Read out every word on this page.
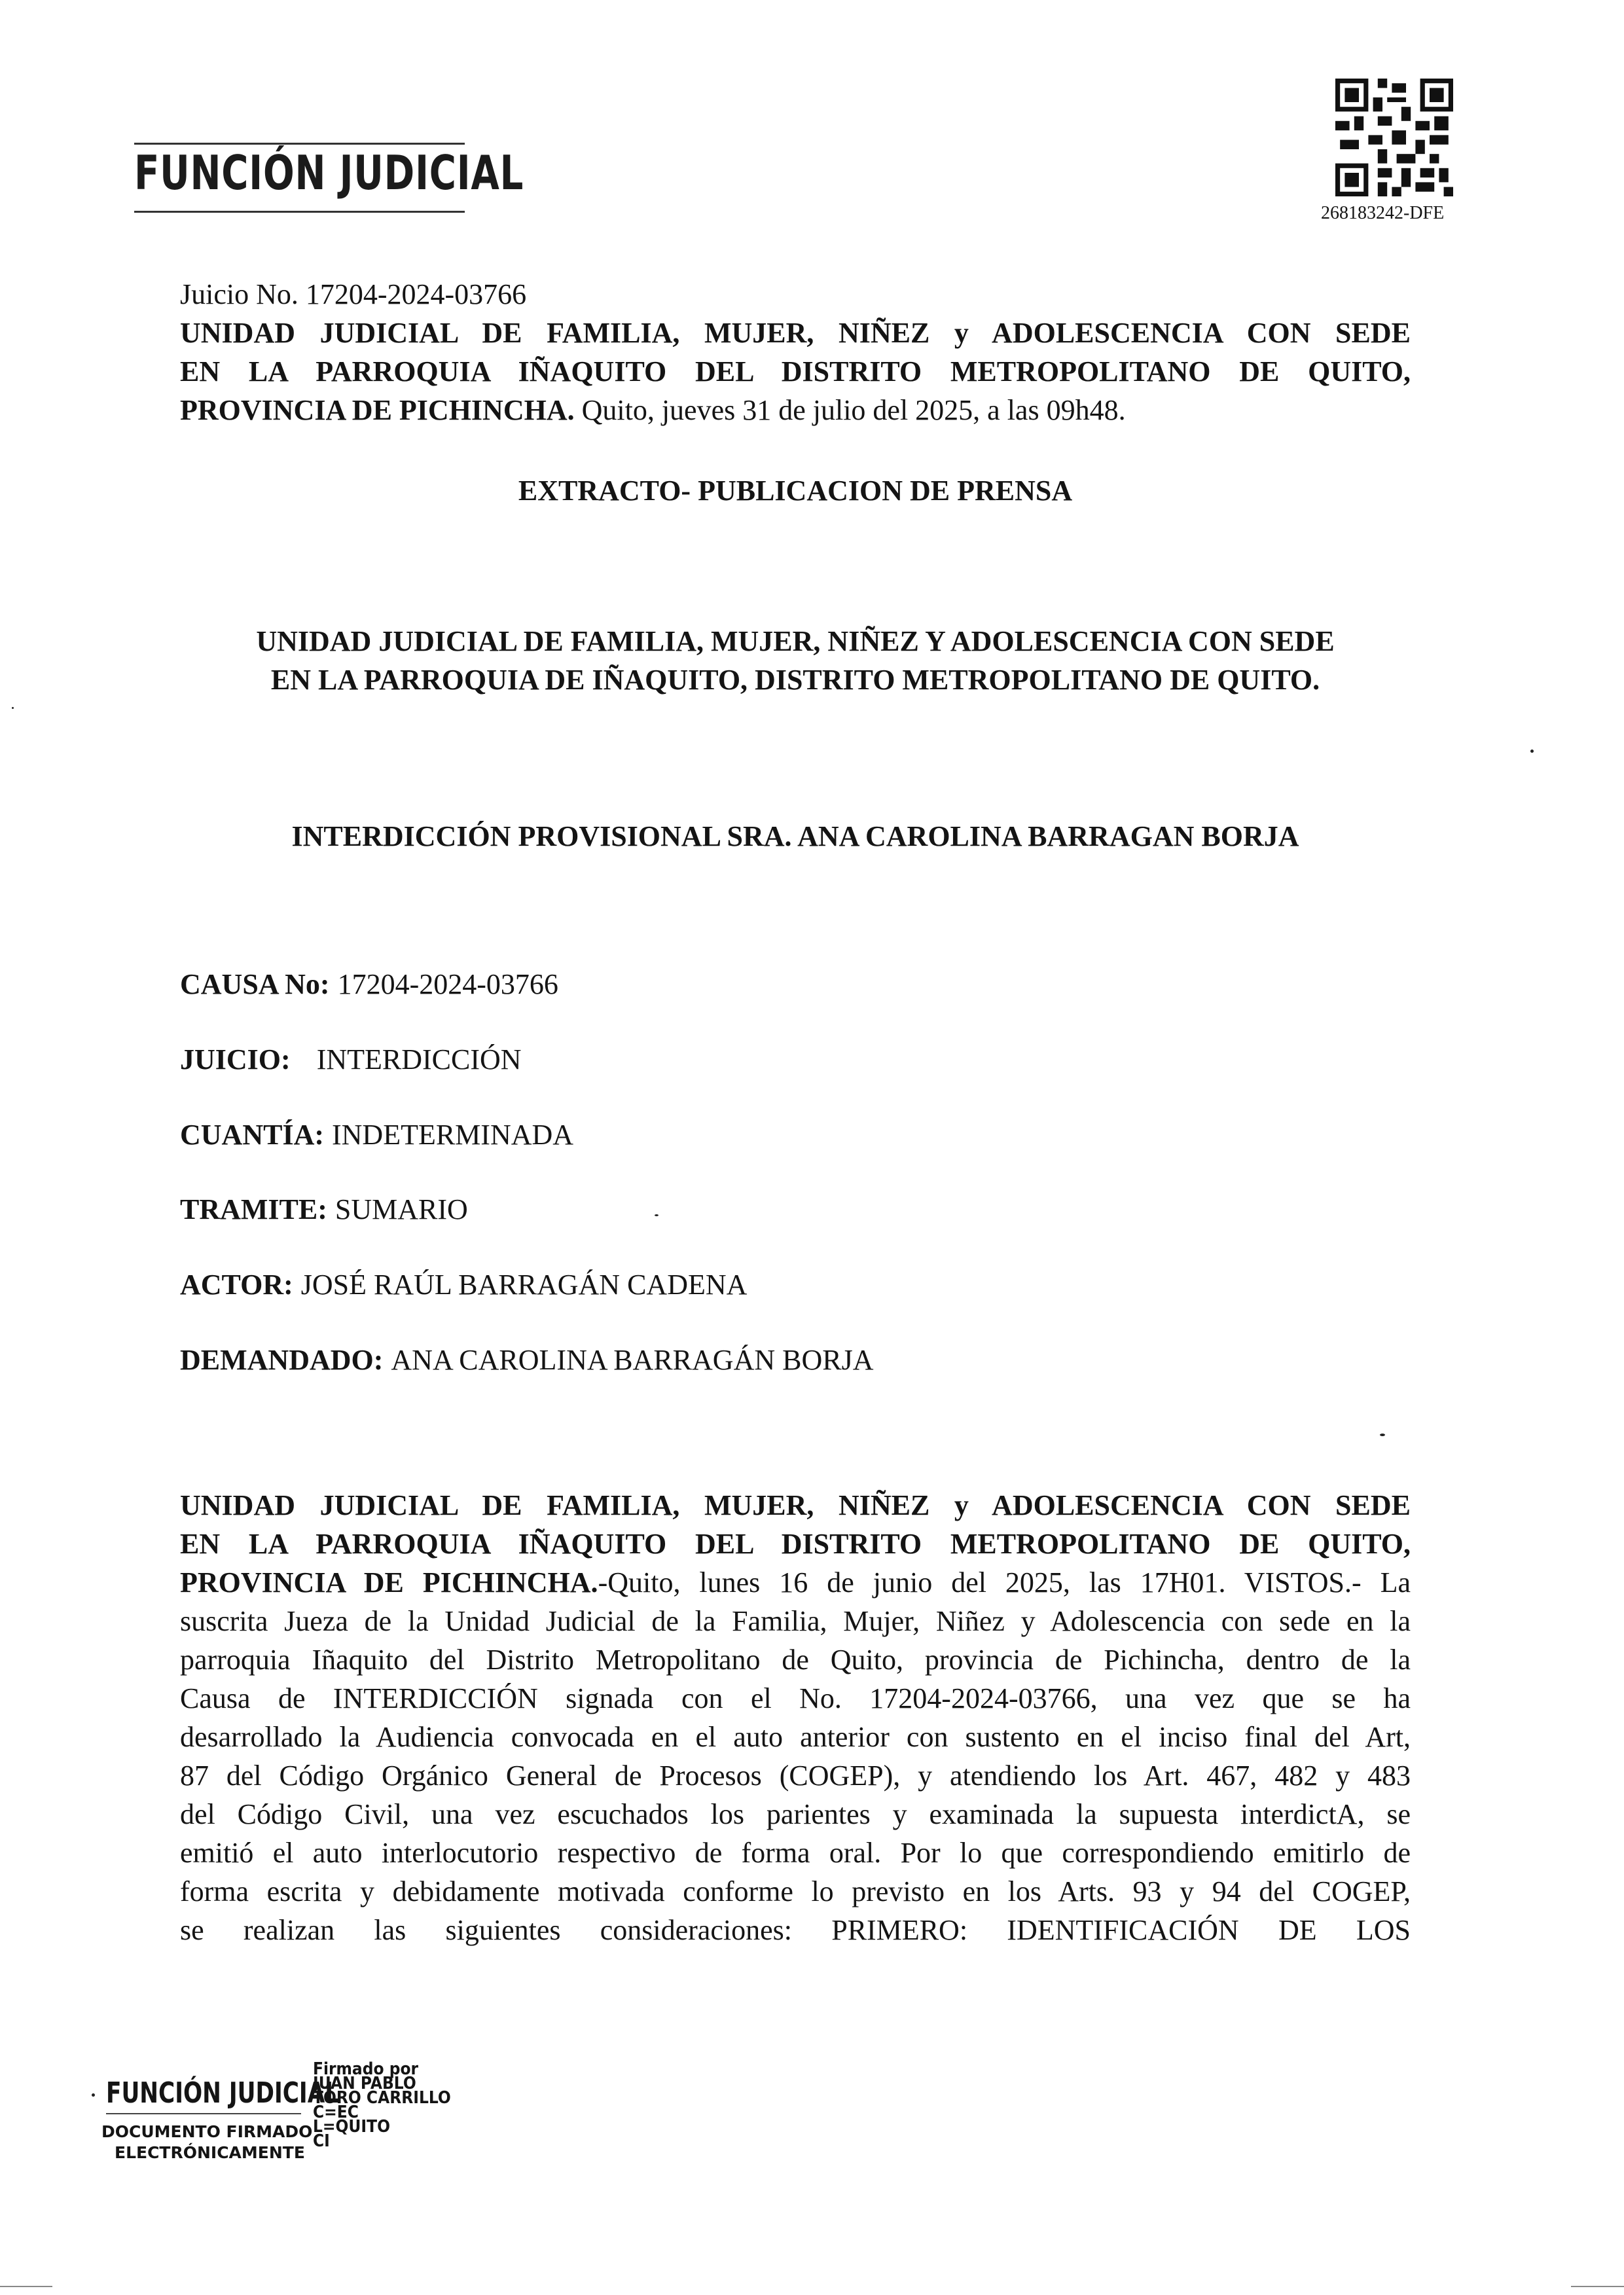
FUNCIÓN JUDICIAL
268183242-DFE
Juicio No. 17204-2024-03766
UNIDAD JUDICIAL DE FAMILIA, MUJER, NIÑEZ y ADOLESCENCIA CON SEDE
EN LA PARROQUIA IÑAQUITO DEL DISTRITO METROPOLITANO DE QUITO,
PROVINCIA DE PICHINCHA. Quito, jueves 31 de julio del 2025, a las 09h48.
EXTRACTO- PUBLICACION DE PRENSA
UNIDAD JUDICIAL DE FAMILIA, MUJER, NIÑEZ Y ADOLESCENCIA CON SEDE
EN LA PARROQUIA DE IÑAQUITO, DISTRITO METROPOLITANO DE QUITO.
INTERDICCIÓN PROVISIONAL SRA. ANA CAROLINA BARRAGAN BORJA
CAUSA No: 17204-2024-03766
JUICIO: INTERDICCIÓN
CUANTÍA: INDETERMINADA
TRAMITE: SUMARIO
ACTOR: JOSÉ RAÚL BARRAGÁN CADENA
DEMANDADO: ANA CAROLINA BARRAGÁN BORJA
UNIDAD JUDICIAL DE FAMILIA, MUJER, NIÑEZ y ADOLESCENCIA CON SEDE
EN LA PARROQUIA IÑAQUITO DEL DISTRITO METROPOLITANO DE QUITO,
PROVINCIA DE PICHINCHA.-Quito, lunes 16 de junio del 2025, las 17H01. VISTOS.- La
suscrita Jueza de la Unidad Judicial de la Familia, Mujer, Niñez y Adolescencia con sede en la
parroquia Iñaquito del Distrito Metropolitano de Quito, provincia de Pichincha, dentro de la
Causa de INTERDICCIÓN signada con el No. 17204-2024-03766, una vez que se ha
desarrollado la Audiencia convocada en el auto anterior con sustento en el inciso final del Art,
87 del Código Orgánico General de Procesos (COGEP), y atendiendo los Art. 467, 482 y 483
del Código Civil, una vez escuchados los parientes y examinada la supuesta interdictA, se
emitió el auto interlocutorio respectivo de forma oral. Por lo que correspondiendo emitirlo de
forma escrita y debidamente motivada conforme lo previsto en los Arts. 93 y 94 del COGEP,
se realizan las siguientes consideraciones: PRIMERO: IDENTIFICACIÓN DE LOS
FUNCIÓN JUDICIAL
DOCUMENTO FIRMADO
ELECTRÓNICAMENTE
Firmado por
JUAN PABLO
TORO CARRILLO
C=EC
L=QUITO
CI
